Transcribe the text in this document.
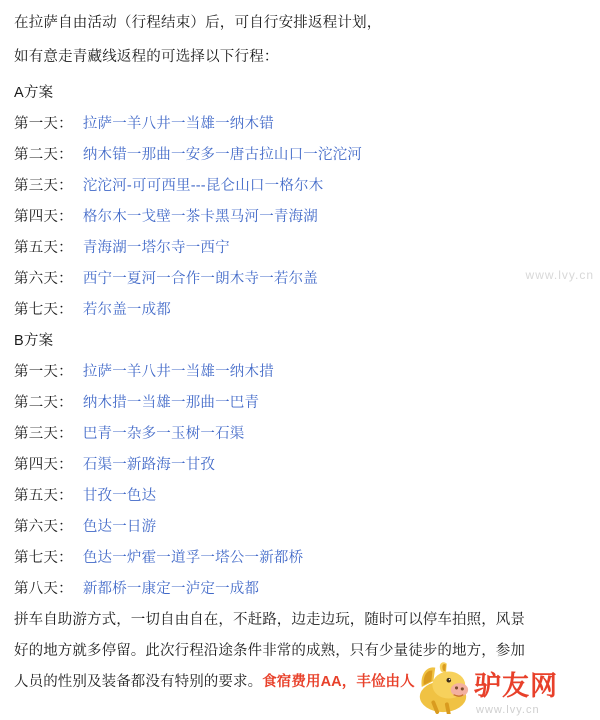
在拉萨自由活动（行程结束）后，可自行安排返程计划，

如有意走青藏线返程的可选择以下行程：

A方案

第一天： 拉萨一羊八井一当雄一纳木错

第二天： 纳木错一那曲一安多一唐古拉山口一沱沱河

第三天： 沱沱河-可可西里---昆仑山口一格尔木

第四天： 格尔木一戈壁一茶卡黑马河一青海湖

第五天： 青海湖一塔尔寺一西宁

第六天： 西宁一夏河一合作一朗木寺一若尔盖

第七天： 若尔盖一成都

B方案

第一天： 拉萨一羊八井一当雄一纳木措

第二天： 纳木措一当雄一那曲一巴青

第三天： 巴青一杂多一玉树一石渠

第四天： 石渠一新路海一甘孜

第五天： 甘孜一色达

第六天： 色达一日游

第七天： 色达一炉霍一道孚一塔公一新都桥

第八天： 新都桥一康定一泸定一成都

拼车自助游方式，一切自由自在，不赶路，边走边玩，随时可以停车拍照，风景

好的地方就多停留。此次行程沿途条件非常的成熟，只有少量徒步的地方，参加

人员的性别及装备都没有特别的要求。食宿费用AA，丰俭由人

www.lvy.cn
驴友网
www.lvy.cn
